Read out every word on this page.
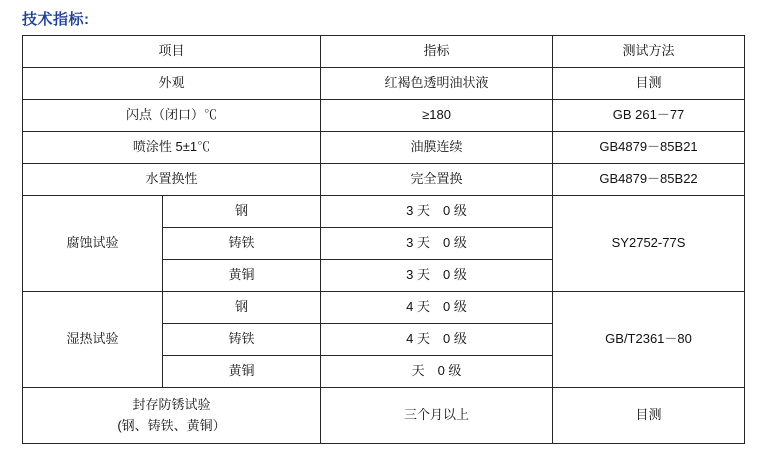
技术指标:
项目		指标	测试方法
外观		红褐色透明油状液	目测
闪点（闭口）℃		≥180	GB 261－77
喷涂性 5±1℃		油膜连续	GB4879－85B21
水置换性		完全置换	GB4879－85B22
腐蚀试验	钢	3 天　0 级	SY2752-77S
	铸铁	3 天　0 级	
	黄铜	3 天　0 级	
湿热试验	钢	4 天　0 级	GB/T2361－80
	铸铁	4 天　0 级	
	黄铜	天　0 级	

封存防锈试验
(钢、铸铁、黄铜）		三个月以上	目测
